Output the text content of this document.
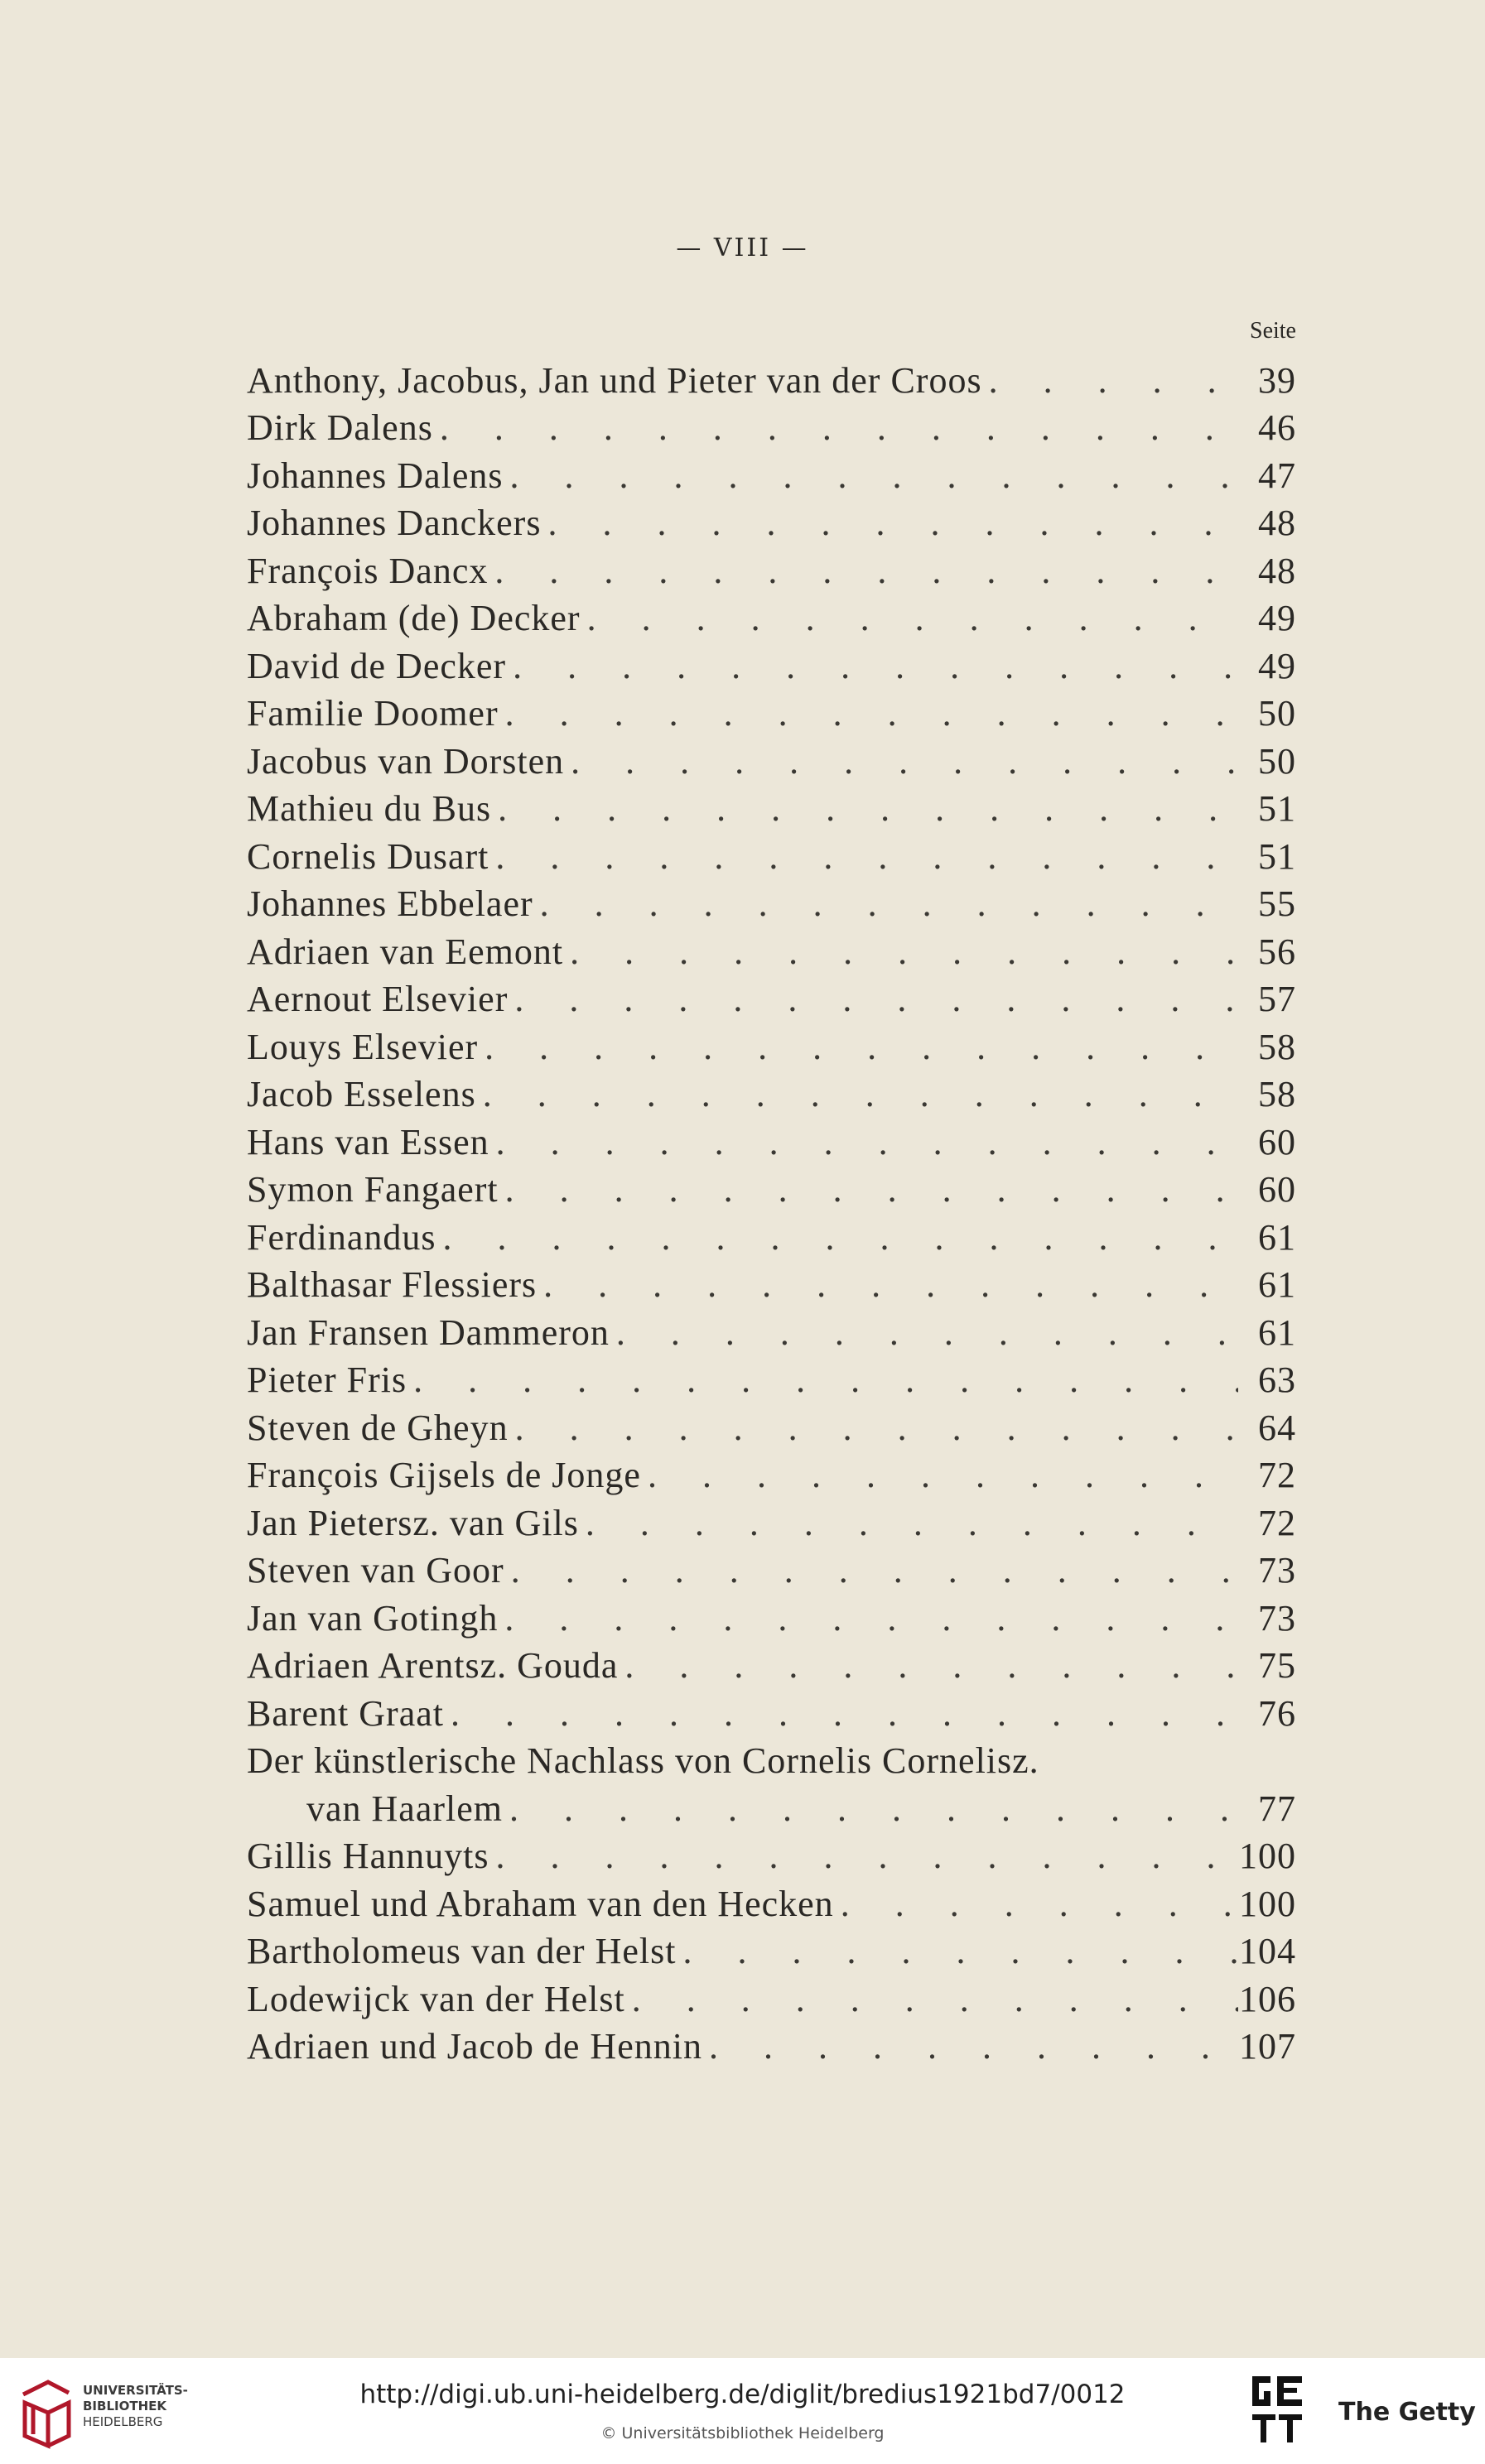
— VIII —
Seite
Anthony, Jacobus, Jan und Pieter van der Croos . . .	39
Dirk Dalens . . .	46
Johannes Dalens . . .	47
Johannes Danckers . . .	48
François Dancx . . .	48
Abraham (de) Decker . . .	49
David de Decker . . .	49
Familie Doomer . . .	50
Jacobus van Dorsten . . .	50
Mathieu du Bus . . .	51
Cornelis Dusart . . .	51
Johannes Ebbelaer . . .	55
Adriaen van Eemont . . .	56
Aernout Elsevier . . .	57
Louys Elsevier . . .	58
Jacob Esselens . . .	58
Hans van Essen . . .	60
Symon Fangaert . . .	60
Ferdinandus . . .	61
Balthasar Flessiers . . .	61
Jan Fransen Dammeron . . .	61
Pieter Fris . . .	63
Steven de Gheyn . . .	64
François Gijsels de Jonge . . .	72
Jan Pietersz. van Gils . . .	72
Steven van Goor . . .	73
Jan van Gotingh . . .	73
Adriaen Arentsz. Gouda . . .	75
Barent Graat . . .	76
Der künstlerische Nachlass von Cornelis Cornelisz.
van Haarlem . . .	77
Gillis Hannuyts . . .	100
Samuel und Abraham van den Hecken . . .	100
Bartholomeus van der Helst . . .	104
Lodewijck van der Helst . . .	106
Adriaen und Jacob de Hennin . . .	107
UNIVERSITÄTS-
BIBLIOTHEK
HEIDELBERG
http://digi.ub.uni-heidelberg.de/diglit/bredius1921bd7/0012
© Universitätsbibliothek Heidelberg
The Getty
